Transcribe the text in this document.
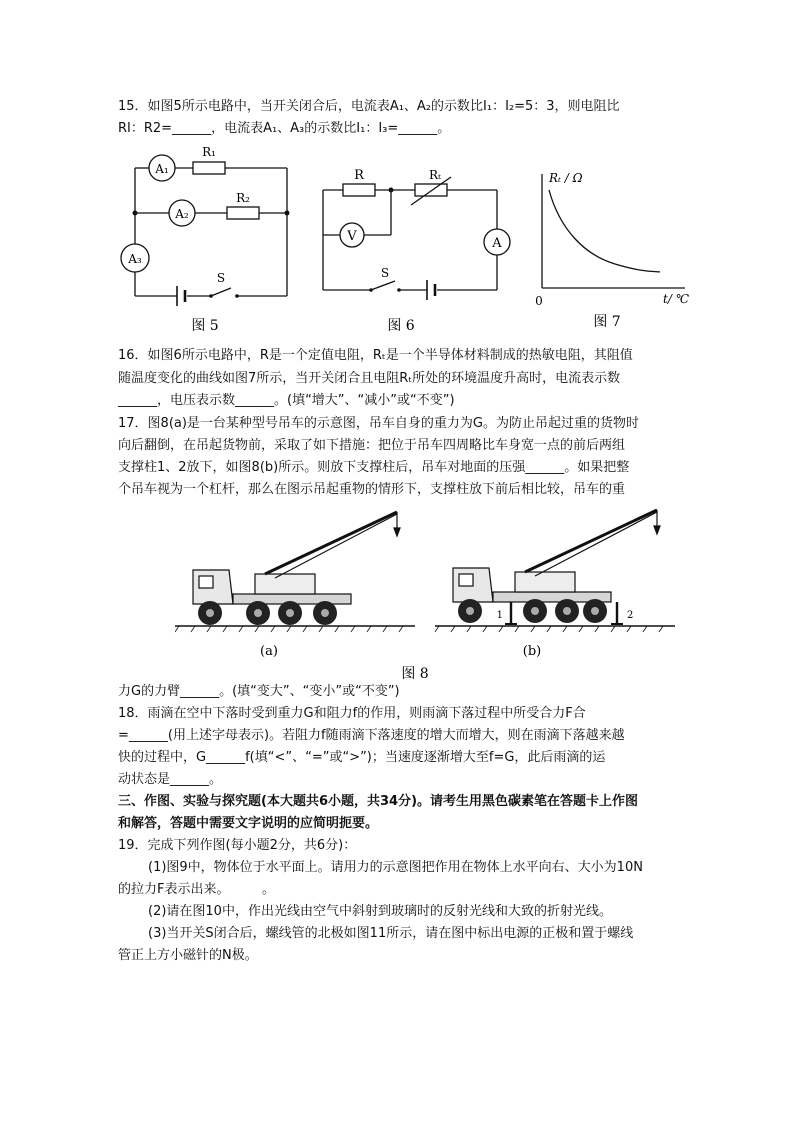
15．如图5所示电路中，当开关闭合后，电流表A₁、A₂的示数比I₁：I₂=5：3，则电阻比
RI：R2=______，电流表A₁、A₃的示数比I₁：I₃=______。
A₁
A₂
A₃
R₁
R₂
S
图 5
V	A
R	Rₜ
S
图 6
Rₜ / Ω
t/ ℃
0
图 7
16．如图6所示电路中，R是一个定值电阻，Rₜ是一个半导体材料制成的热敏电阻，其阻值
随温度变化的曲线如图7所示，当开关闭合且电阻Rₜ所处的环境温度升高时，电流表示数
______，电压表示数______。(填“增大”、“减小”或“不变”)
17．图8(a)是一台某种型号吊车的示意图，吊车自身的重力为G。为防止吊起过重的货物时
向后翻倒，在吊起货物前，采取了如下措施：把位于吊车四周略比车身宽一点的前后两组
支撑柱1、2放下，如图8(b)所示。则放下支撑柱后，吊车对地面的压强______。如果把整
个吊车视为一个杠杆，那么在图示吊起重物的情形下，支撑柱放下前后相比较，吊车的重
1	2
(a)	(b)
图 8
力G的力臂______。(填“变大”、“变小”或“不变”)
18．雨滴在空中下落时受到重力G和阻力f的作用，则雨滴下落过程中所受合力F合
=______(用上述字母表示)。若阻力f随雨滴下落速度的增大而增大，则在雨滴下落越来越
快的过程中，G______f(填“<”、“=”或“>”)；当速度逐渐增大至f=G，此后雨滴的运
动状态是______。
三、作图、实验与探究题(本大题共6小题，共34分)。请考生用黑色碳素笔在答题卡上作图
和解答，答题中需要文字说明的应简明扼要。
19．完成下列作图(每小题2分，共6分)：
(1)图9中，物体位于水平面上。请用力的示意图把作用在物体上水平向右、大小为10N
的拉力F表示出来。　　　。
(2)请在图10中，作出光线由空气中斜射到玻璃时的反射光线和大致的折射光线。
(3)当开关S闭合后，螺线管的北极如图11所示，请在图中标出电源的正极和置于螺线
管正上方小磁针的N极。
